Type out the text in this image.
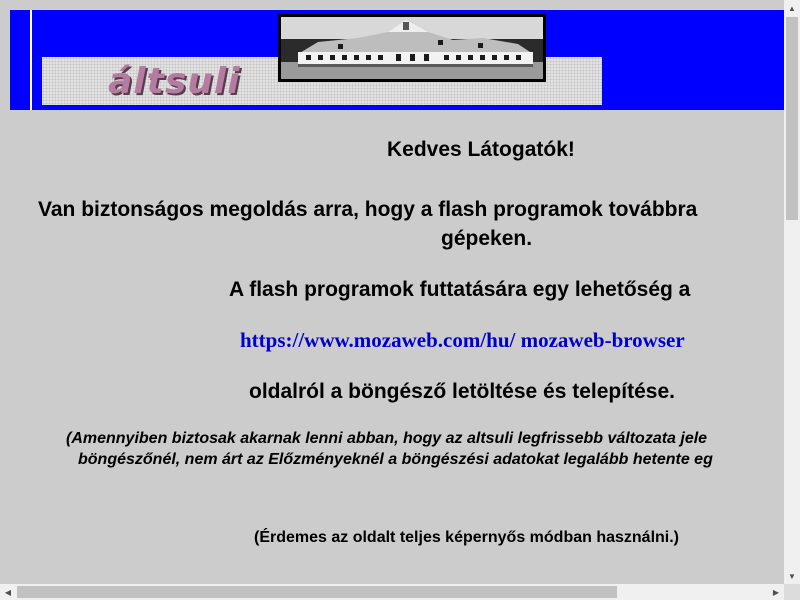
áltsuli
Kedves Látogatók!
Van biztonságos megoldás arra, hogy a flash programok továbbra
gépeken.
A flash programok futtatására egy lehetőség a
https://www.mozaweb.com/hu/ mozaweb-browser
oldalról a böngésző letöltése és telepítése.
(Amennyiben biztosak akarnak lenni abban, hogy az altsuli legfrissebb változata jele
böngészőnél, nem árt az Előzményeknél a böngészési adatokat legalább hetente eg
(Érdemes az oldalt teljes képernyős módban használni.)
▲
▼
◀	▶
